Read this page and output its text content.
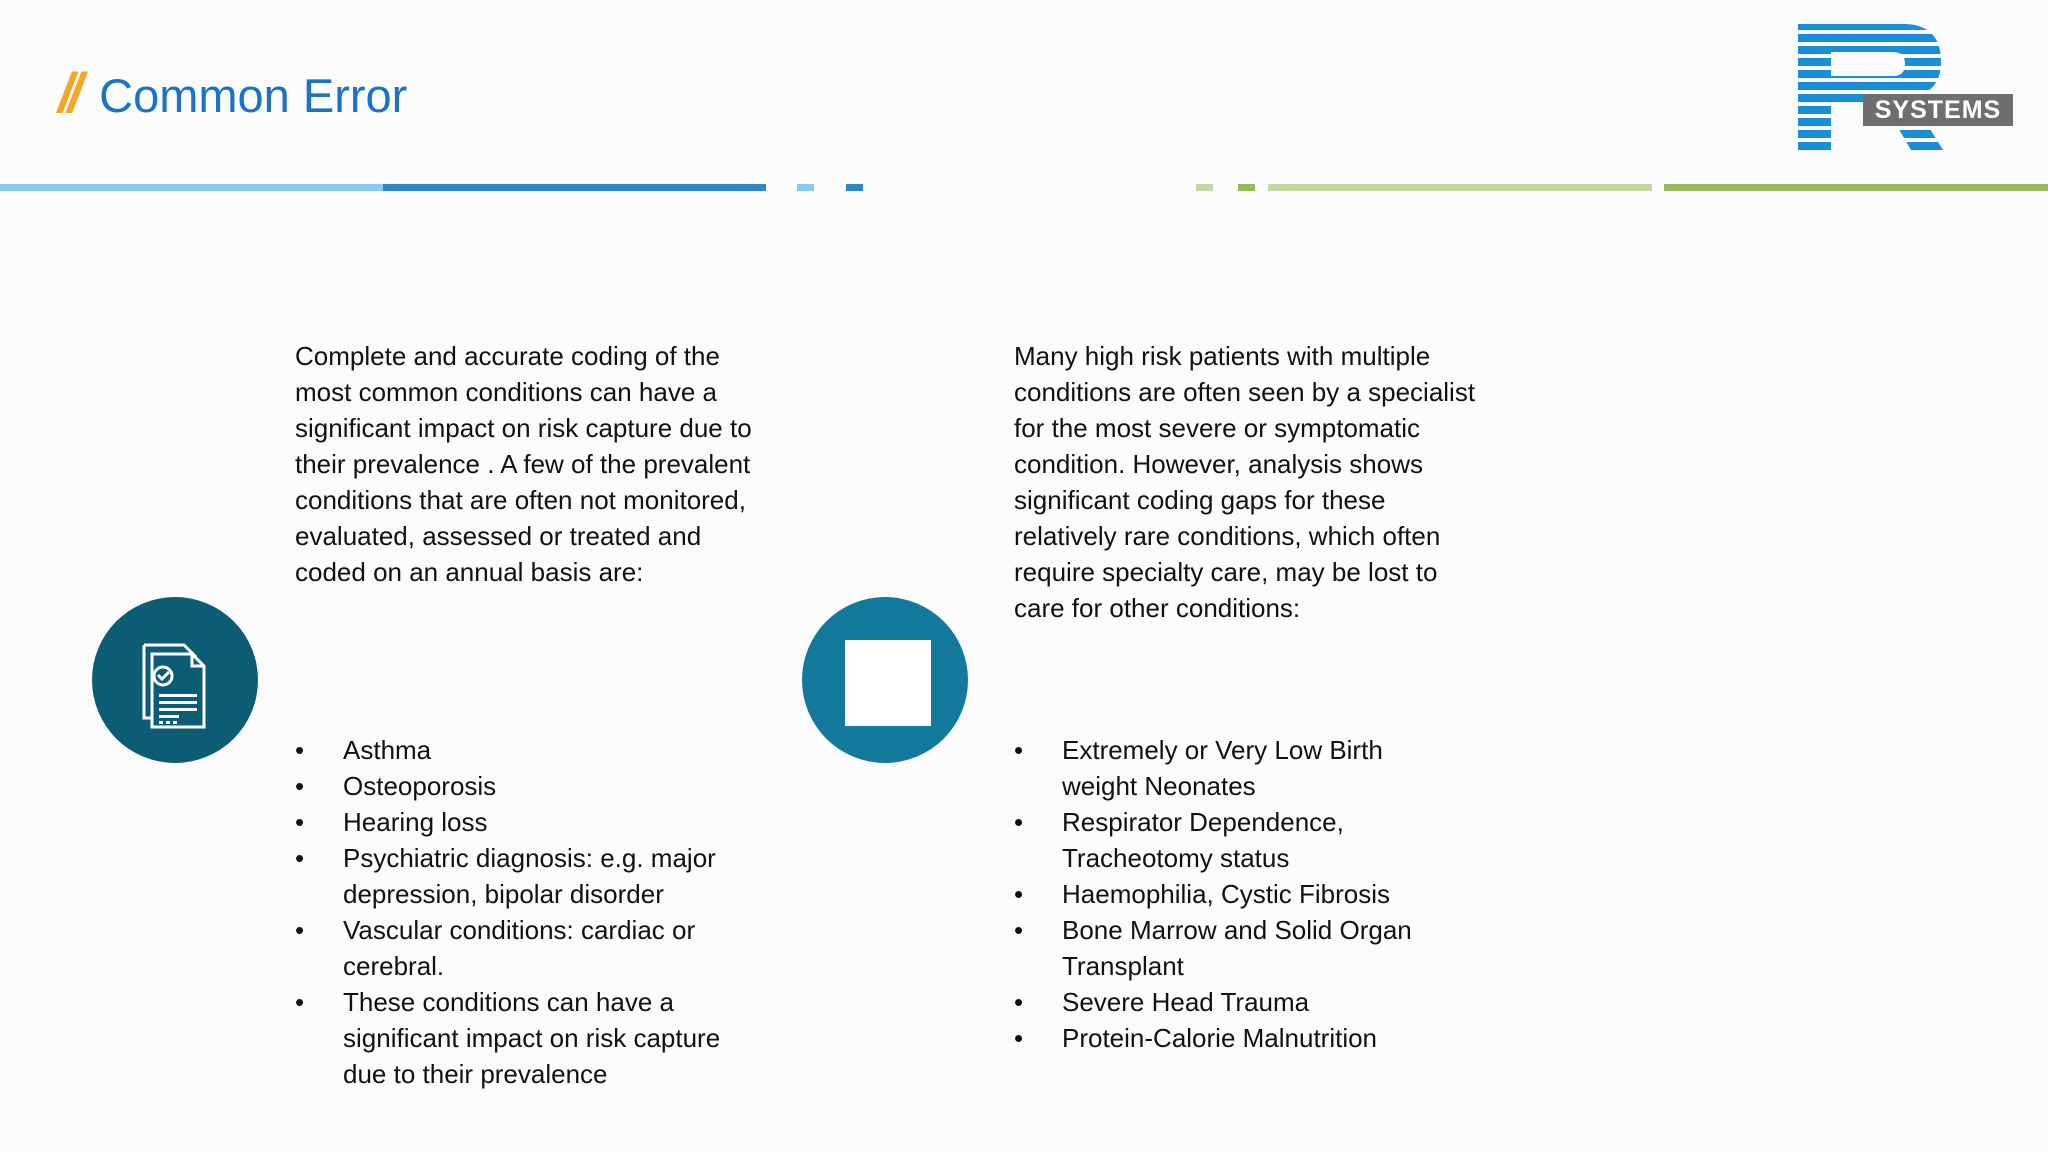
// Common Error	SYSTEMS

Complete and accurate coding of the most common conditions can have a significant impact on risk capture due to their prevalence . A few of the prevalent conditions that are often not monitored, evaluated, assessed or treated and coded on an annual basis are:

• Asthma
• Osteoporosis
• Hearing loss
• Psychiatric diagnosis: e.g. major depression, bipolar disorder
• Vascular conditions: cardiac or cerebral.
• These conditions can have a significant impact on risk capture due to their prevalence

Many high risk patients with multiple conditions are often seen by a specialist for the most severe or symptomatic condition. However, analysis shows significant coding gaps for these relatively rare conditions, which often require specialty care, may be lost to care for other conditions:

• Extremely or Very Low Birth weight Neonates
• Respirator Dependence, Tracheotomy status
• Haemophilia, Cystic Fibrosis
• Bone Marrow and Solid Organ Transplant
• Severe Head Trauma
• Protein-Calorie Malnutrition
